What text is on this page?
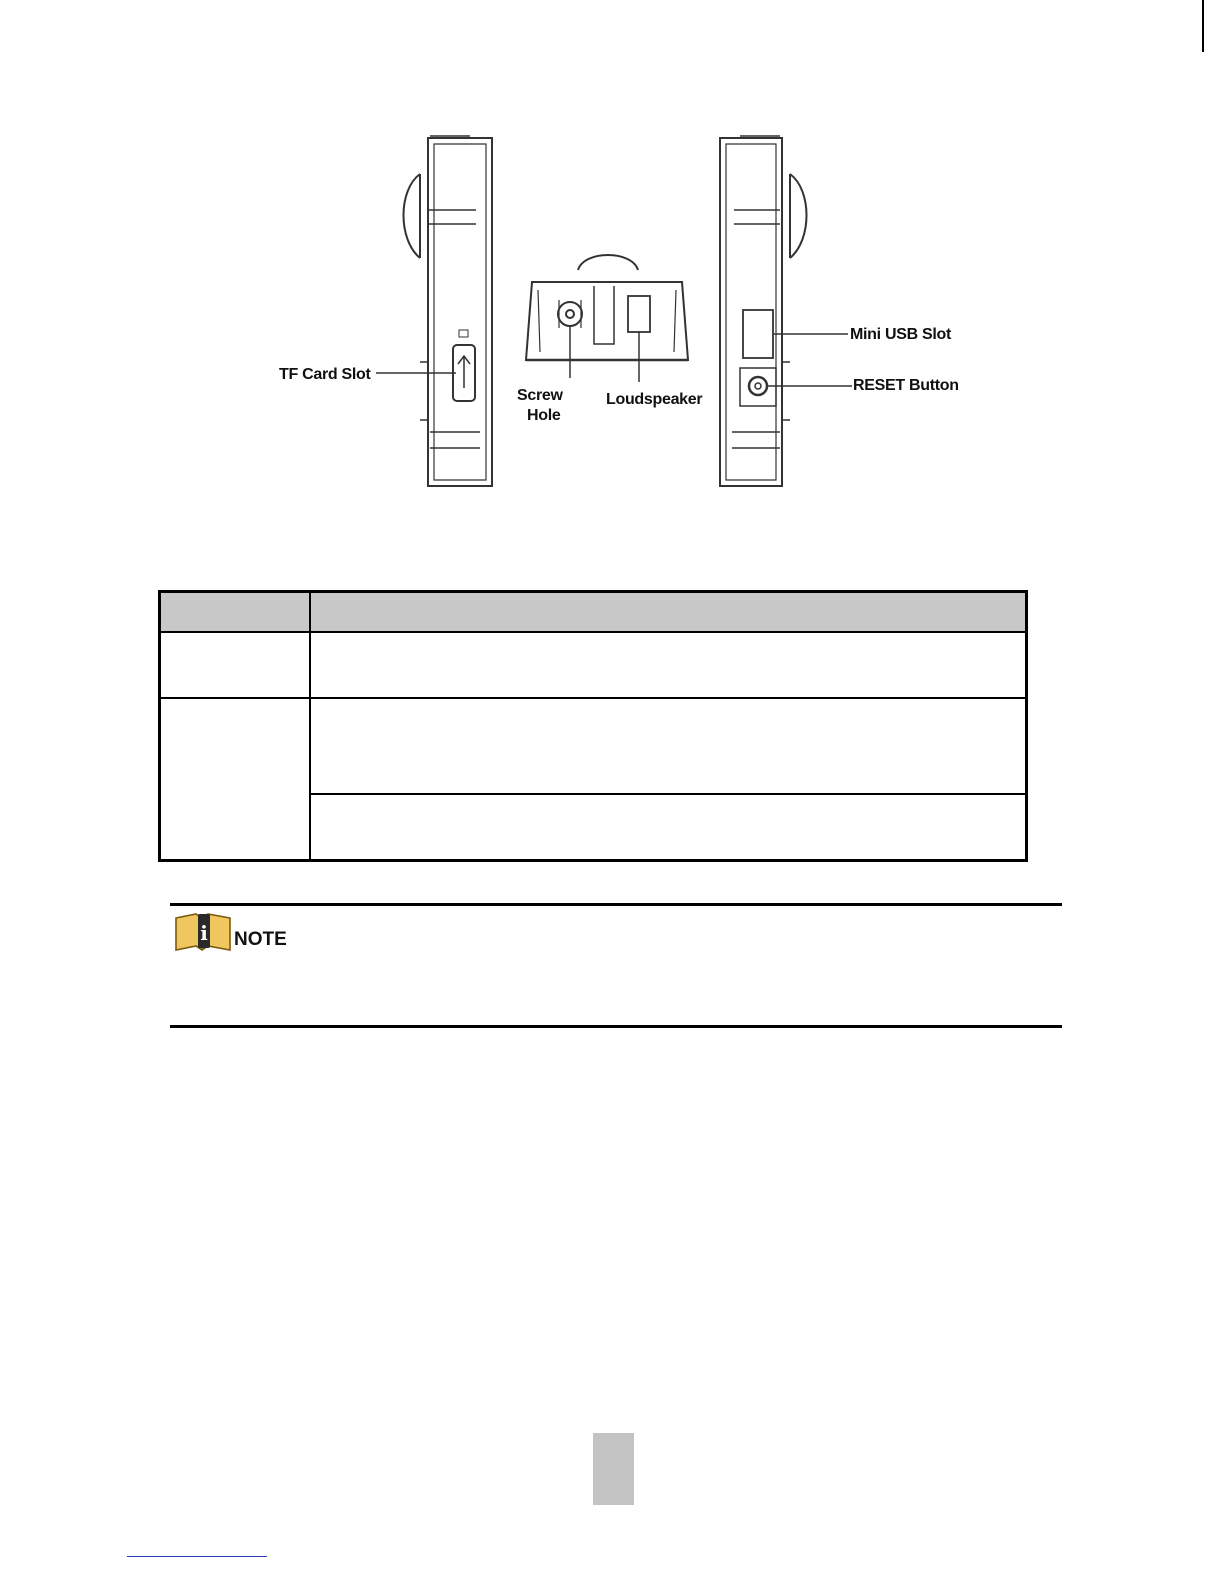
TF Card Slot
Screw
Hole
Loudspeaker
Mini USB Slot
RESET Button

i NOTE
